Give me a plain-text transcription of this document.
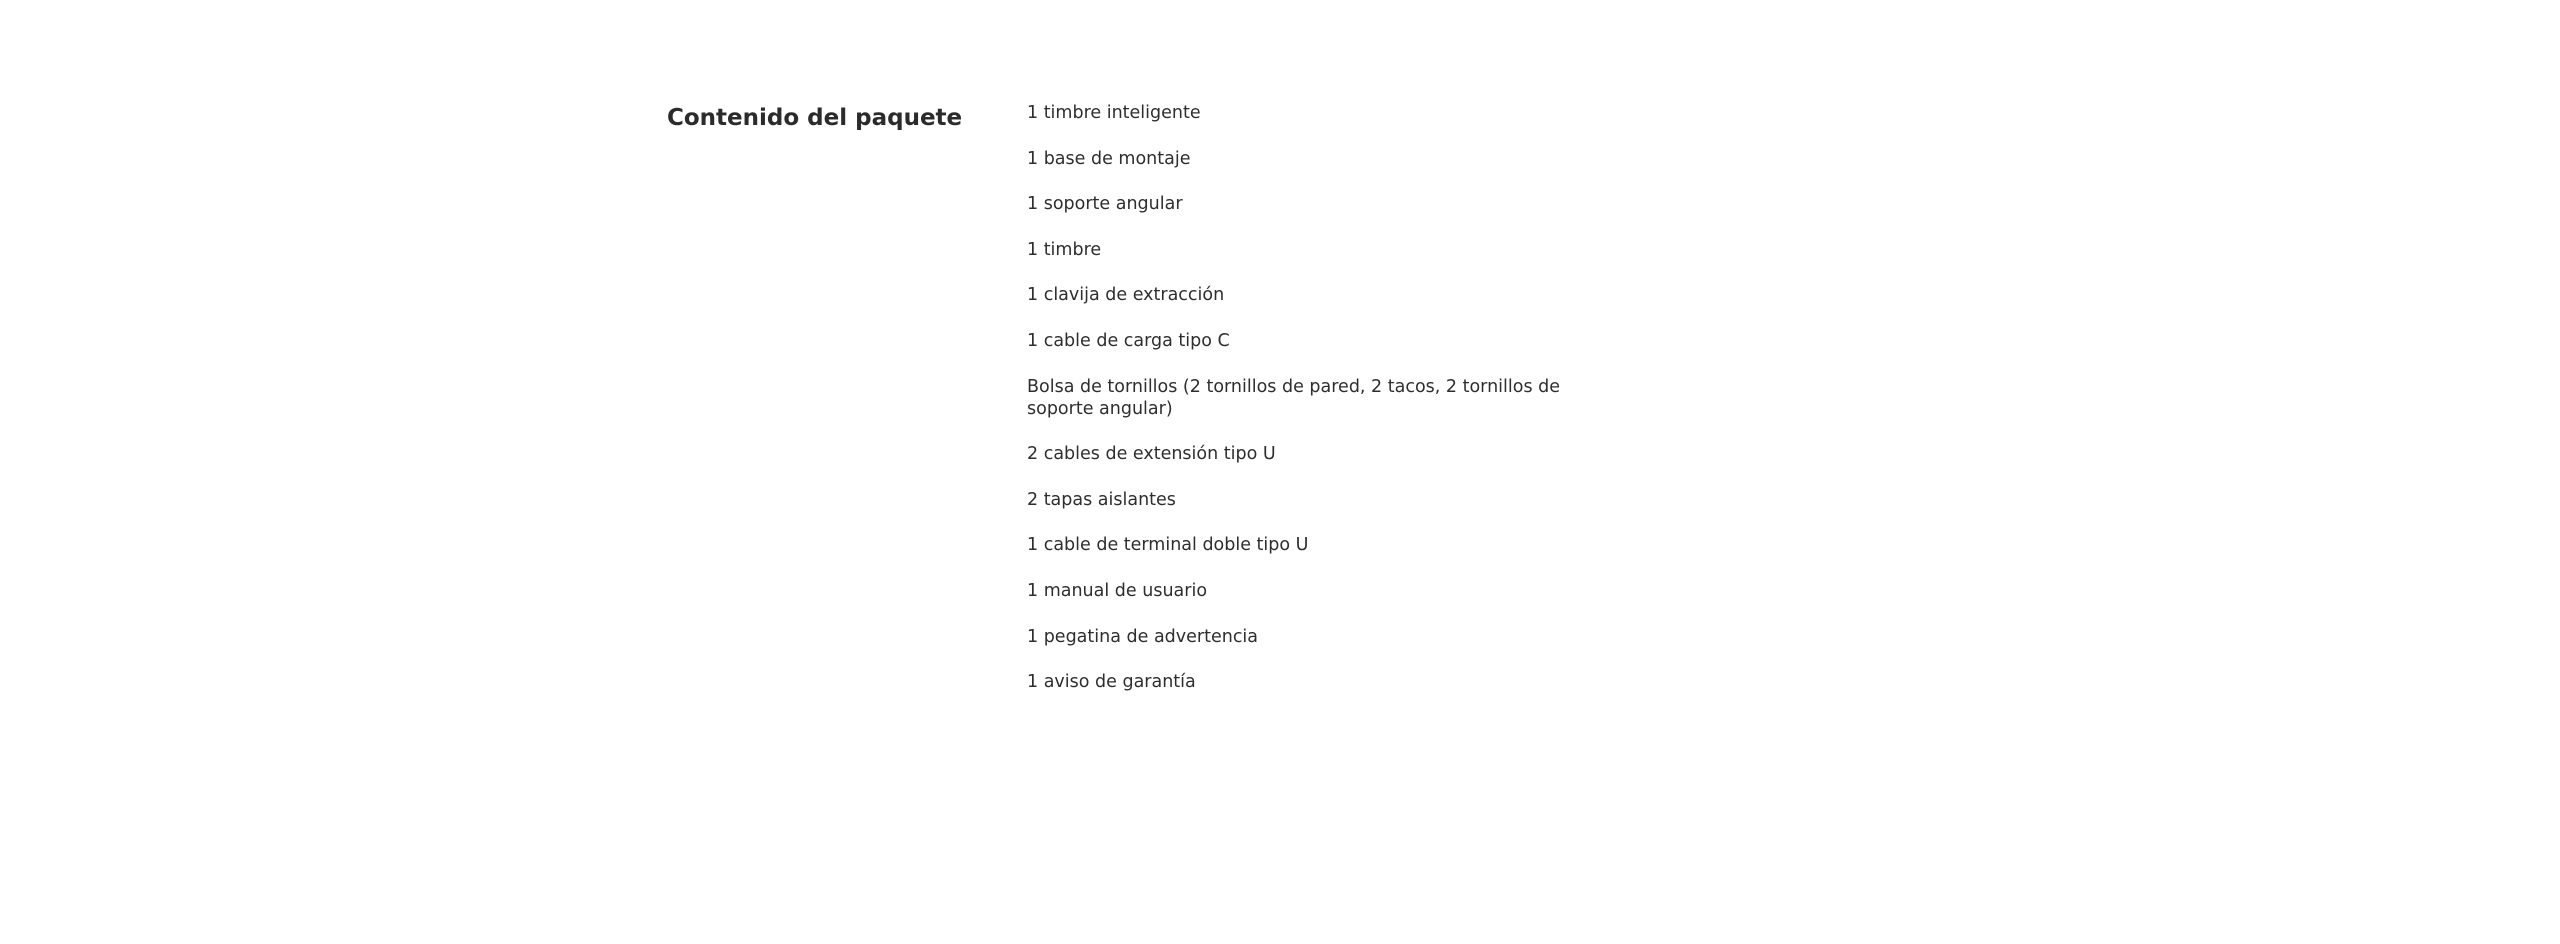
Contenido del paquete	1 timbre inteligente
1 base de montaje
1 soporte angular
1 timbre
1 clavija de extracción
1 cable de carga tipo C
Bolsa de tornillos (2 tornillos de pared, 2 tacos, 2 tornillos de soporte angular)
2 cables de extensión tipo U
2 tapas aislantes
1 cable de terminal doble tipo U
1 manual de usuario
1 pegatina de advertencia
1 aviso de garantía
